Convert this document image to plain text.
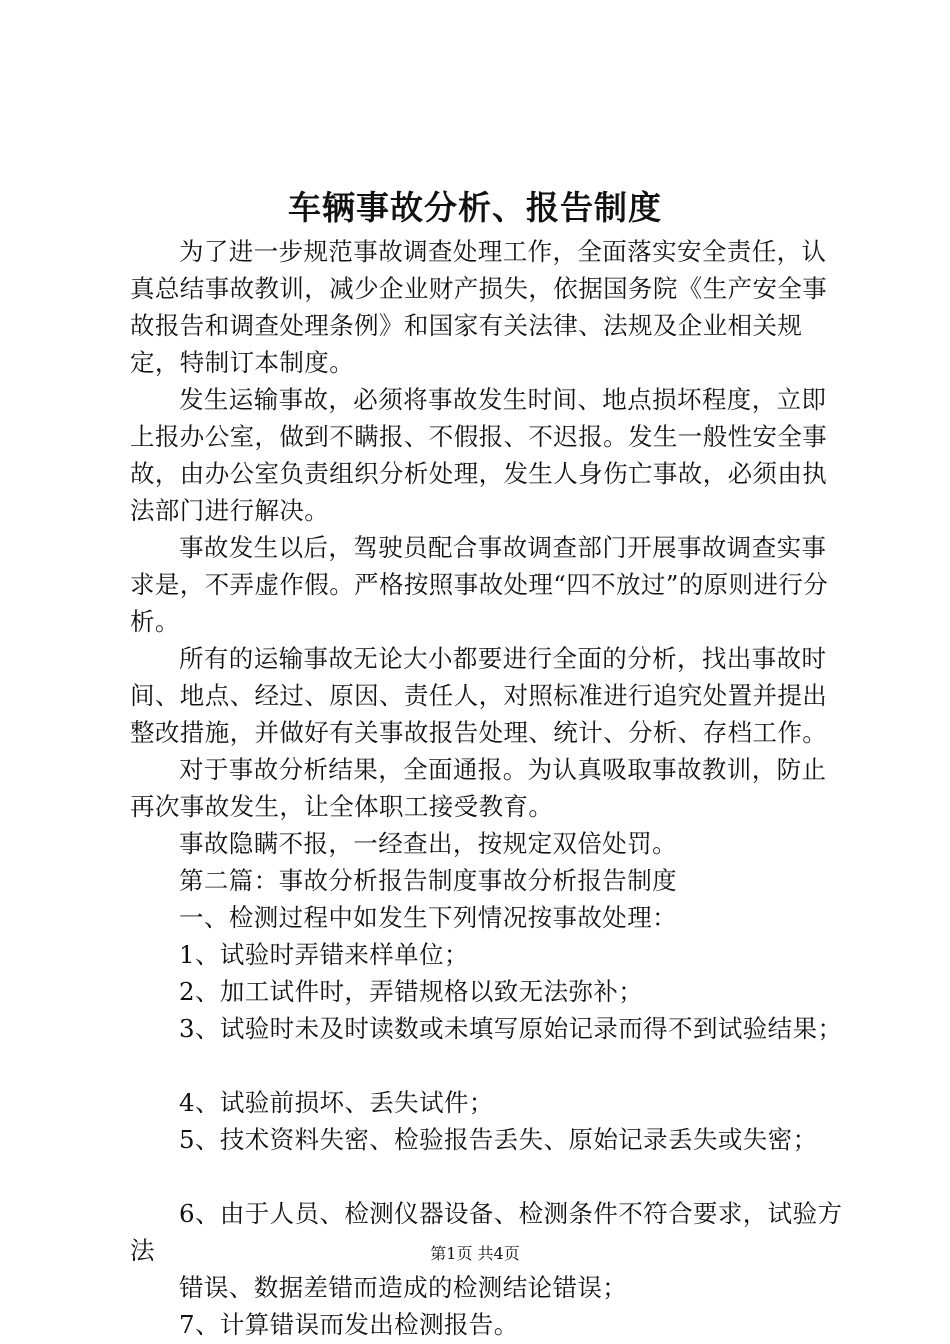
车辆事故分析、报告制度

为了进一步规范事故调查处理工作，全面落实安全责任，认真总结事故教训，减少企业财产损失，依据国务院《生产安全事故报告和调查处理条例》和国家有关法律、法规及企业相关规定，特制订本制度。

发生运输事故，必须将事故发生时间、地点损坏程度，立即上报办公室，做到不瞒报、不假报、不迟报。发生一般性安全事故，由办公室负责组织分析处理，发生人身伤亡事故，必须由执法部门进行解决。

事故发生以后，驾驶员配合事故调查部门开展事故调查实事求是，不弄虚作假。严格按照事故处理“四不放过”的原则进行分析。

所有的运输事故无论大小都要进行全面的分析，找出事故时间、地点、经过、原因、责任人，对照标准进行追究处置并提出整改措施，并做好有关事故报告处理、统计、分析、存档工作。

对于事故分析结果，全面通报。为认真吸取事故教训，防止再次事故发生，让全体职工接受教育。

事故隐瞒不报，一经查出，按规定双倍处罚。

第二篇：事故分析报告制度事故分析报告制度

一、检测过程中如发生下列情况按事故处理：

1、试验时弄错来样单位；

2、加工试件时，弄错规格以致无法弥补；

3、试验时未及时读数或未填写原始记录而得不到试验结果；

4、试验前损坏、丢失试件；

5、技术资料失密、检验报告丢失、原始记录丢失或失密；

6、由于人员、检测仪器设备、检测条件不符合要求，试验方法

错误、数据差错而造成的检测结论错误；

7、计算错误而发出检测报告。

第1页 共4页
